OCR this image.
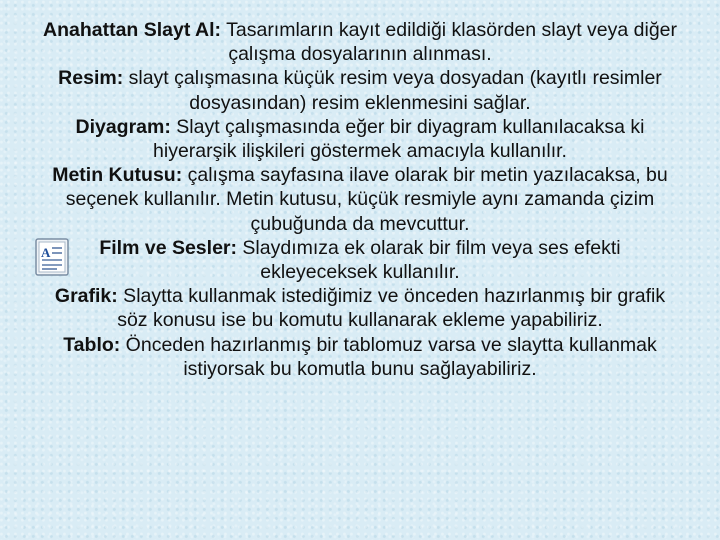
Anahattan Slayt Al: Tasarımların kayıt edildiği klasörden slayt veya diğer çalışma dosyalarının alınması.

Resim: slayt çalışmasına küçük resim veya dosyadan (kayıtlı resimler dosyasından) resim eklenmesini sağlar.

Diyagram: Slayt çalışmasında eğer bir diyagram kullanılacaksa ki hiyerarşik ilişkileri göstermek amacıyla kullanılır.

Metin Kutusu: çalışma sayfasına ilave olarak bir metin yazılacaksa, bu seçenek kullanılır. Metin kutusu, küçük resmiyle aynı zamanda çizim çubuğunda da mevcuttur.

Film ve Sesler: Slaydımıza ek olarak bir film veya ses efekti ekleyeceksek kullanılır.

Grafik: Slaytta kullanmak istediğimiz ve önceden hazırlanmış bir grafik söz konusu ise bu komutu kullanarak ekleme yapabiliriz.

Tablo: Önceden hazırlanmış bir tablomuz varsa ve slaytta kullanmak istiyorsak bu komutla bunu sağlayabiliriz.

A
